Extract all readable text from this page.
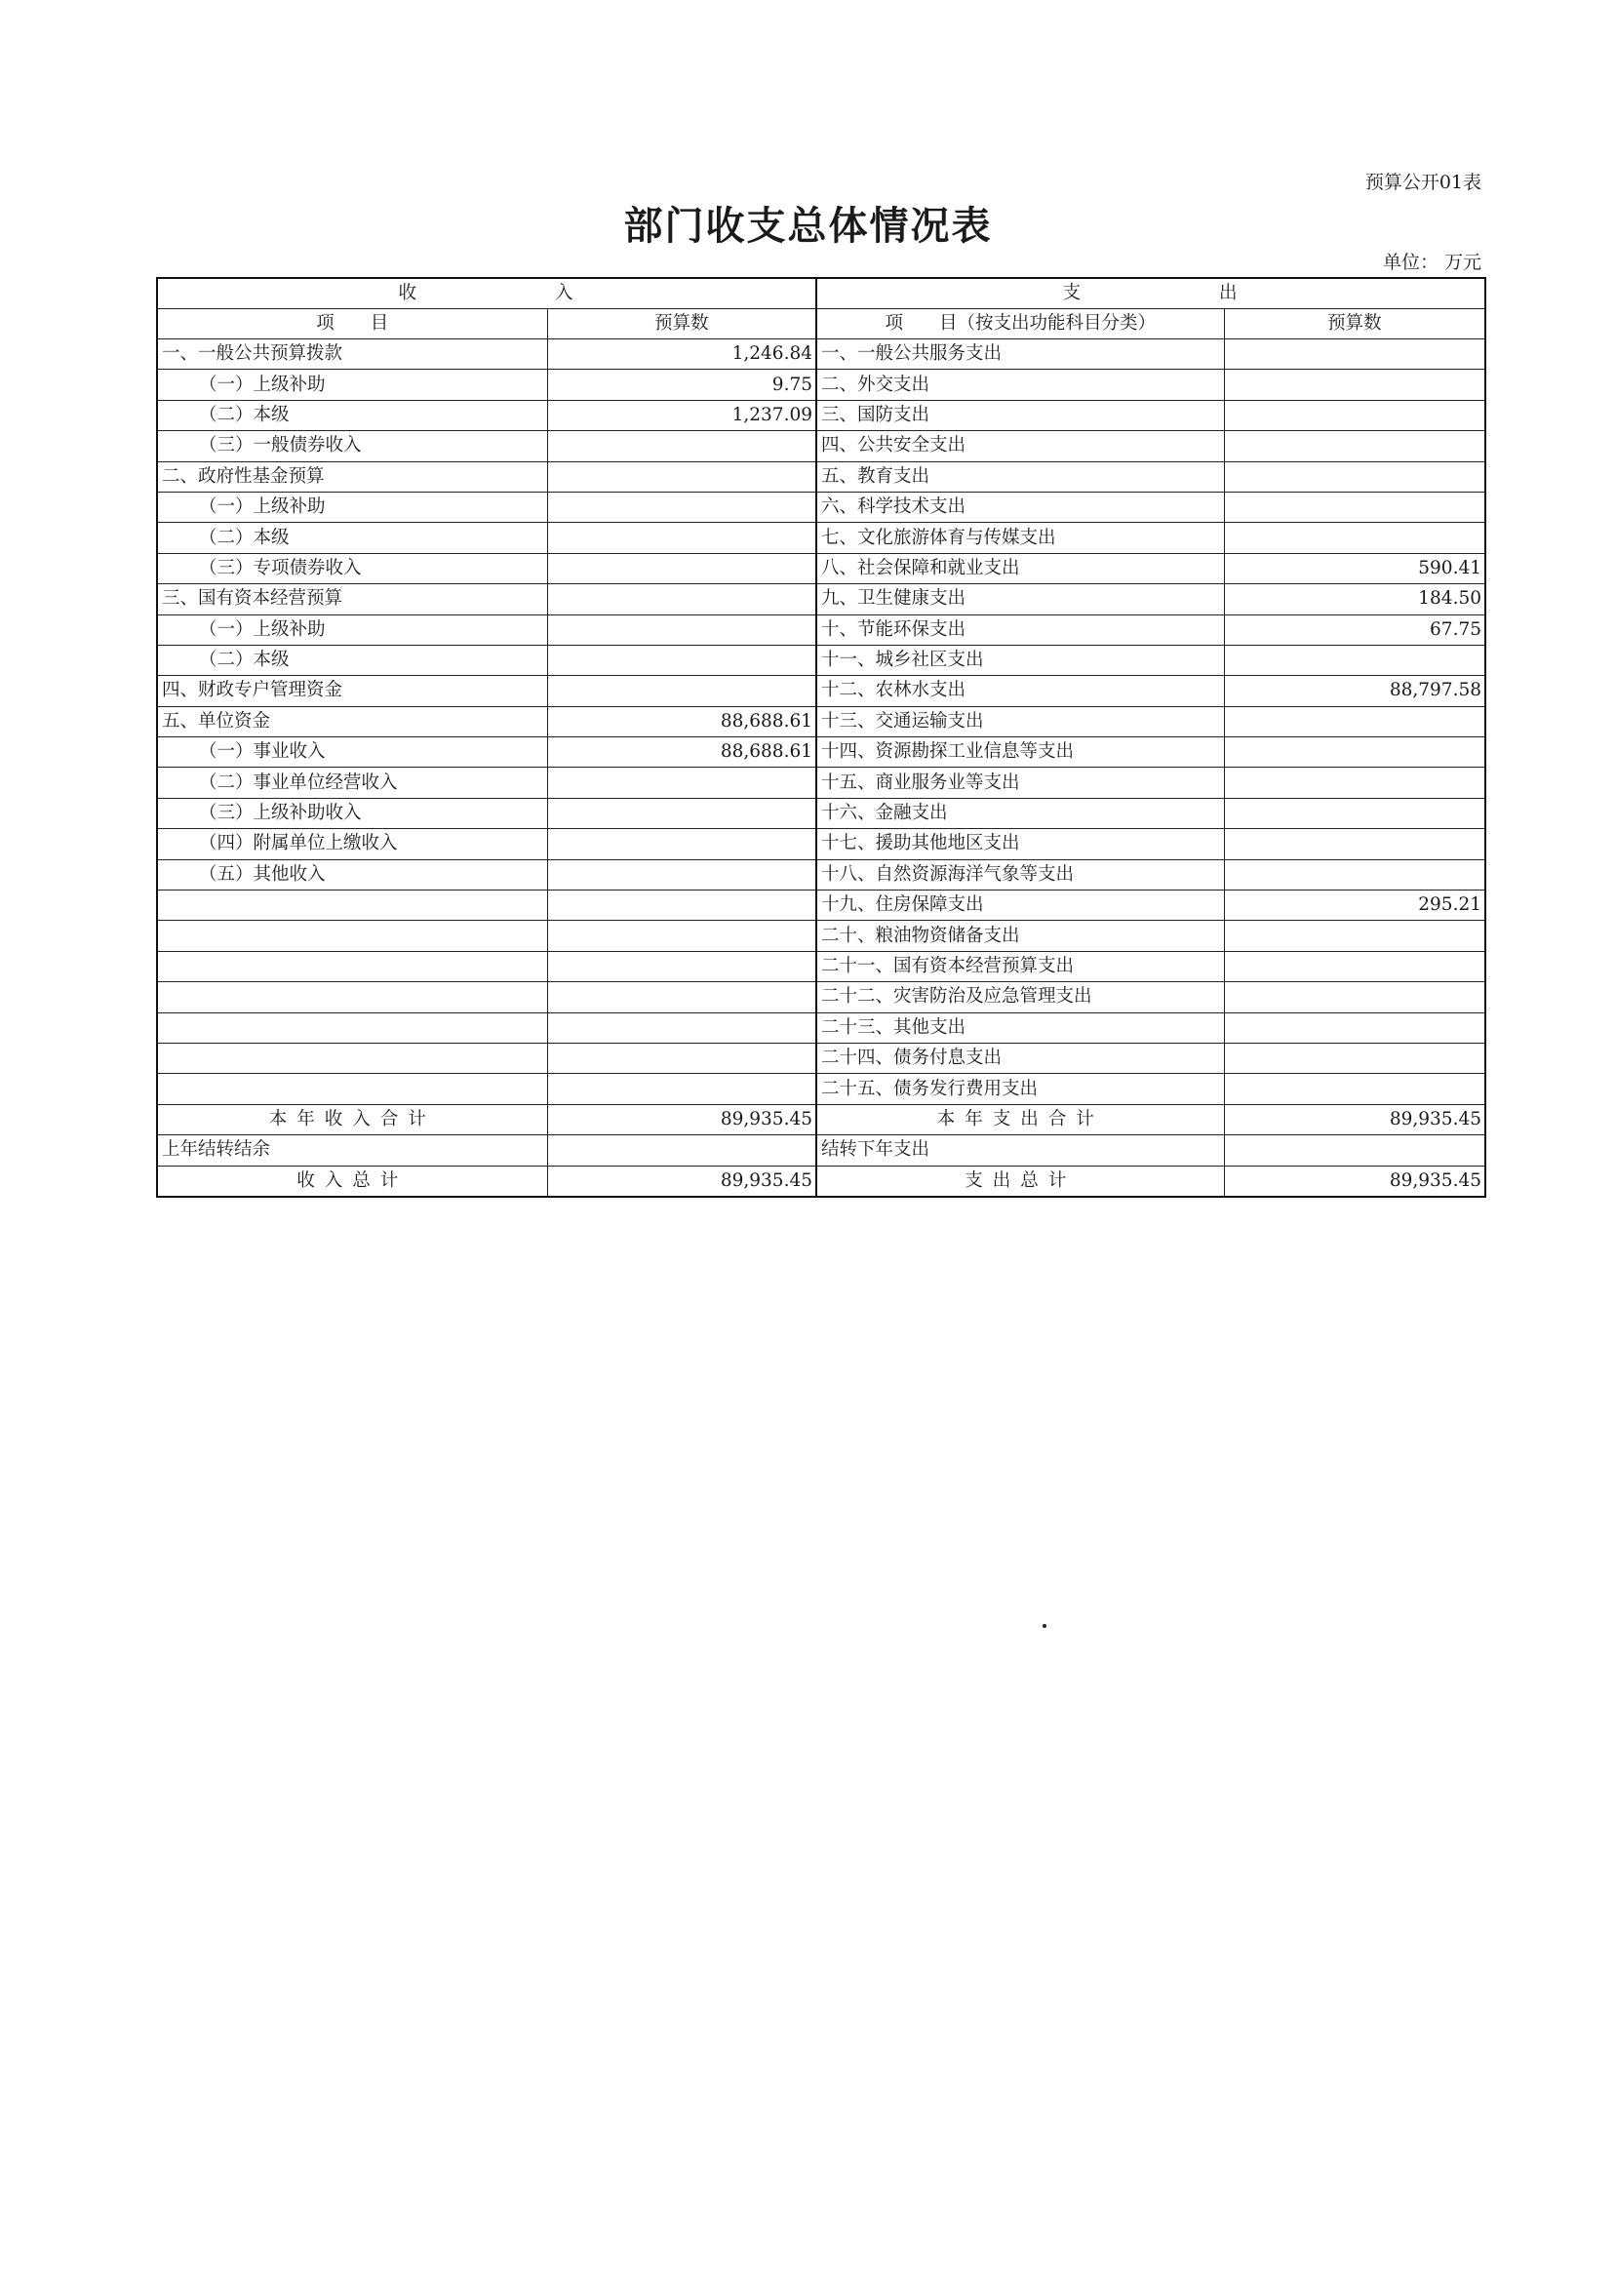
预算公开01表
部门收支总体情况表
单位： 万元
收 入		支 出	
项　　目	预算数	项　　目（按支出功能科目分类）	预算数
一、一般公共预算拨款	1,246.84	一、一般公共服务支出	
（一）上级补助	9.75	二、外交支出	
（二）本级	1,237.09	三、国防支出	
（三）一般债券收入		四、公共安全支出	
二、政府性基金预算		五、教育支出	
（一）上级补助		六、科学技术支出	
（二）本级		七、文化旅游体育与传媒支出	
（三）专项债券收入		八、社会保障和就业支出	590.41
三、国有资本经营预算		九、卫生健康支出	184.50
（一）上级补助		十、节能环保支出	67.75
（二）本级		十一、城乡社区支出	
四、财政专户管理资金		十二、农林水支出	88,797.58
五、单位资金	88,688.61	十三、交通运输支出	
（一）事业收入	88,688.61	十四、资源勘探工业信息等支出	
（二）事业单位经营收入		十五、商业服务业等支出	
（三）上级补助收入		十六、金融支出	
（四）附属单位上缴收入		十七、援助其他地区支出	
（五）其他收入		十八、自然资源海洋气象等支出	
		十九、住房保障支出	295.21
		二十、粮油物资储备支出	
		二十一、国有资本经营预算支出	
		二十二、灾害防治及应急管理支出	
		二十三、其他支出	
		二十四、债务付息支出	
		二十五、债务发行费用支出	
本年收入合计	89,935.45	本年支出合计	89,935.45
上年结转结余		结转下年支出	
收入总计	89,935.45	支出总计	89,935.45
